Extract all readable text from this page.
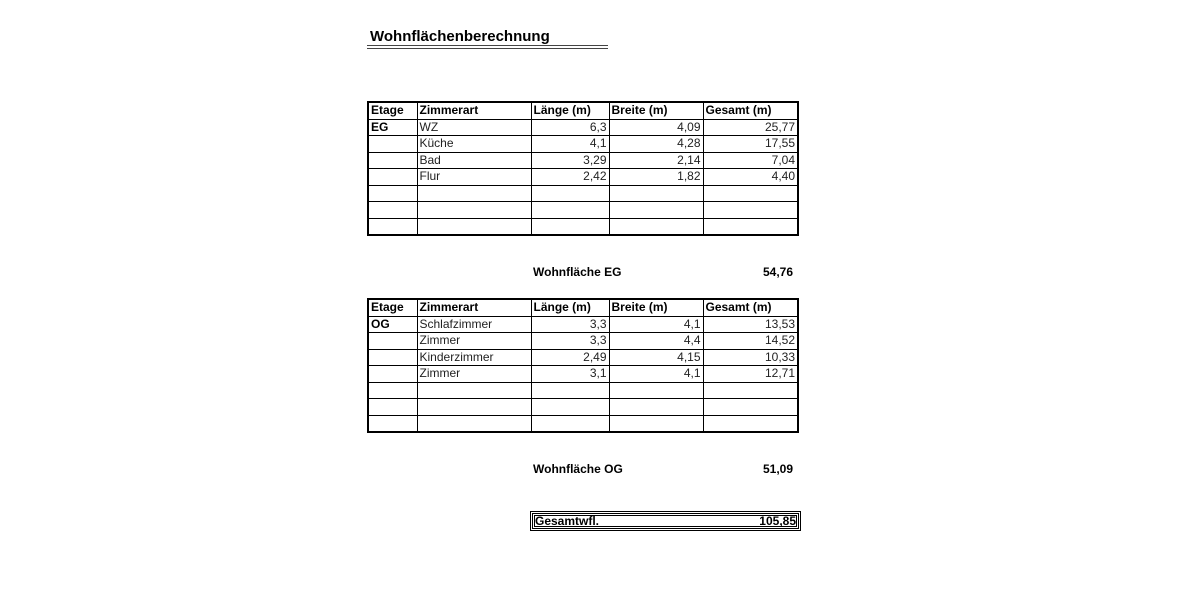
Wohnflächenberechnung
Etage	Zimmerart	Länge (m)	Breite (m)	Gesamt (m)
EG	WZ	6,3	4,09	25,77
	Küche	4,1	4,28	17,55
	Bad	3,29	2,14	7,04
	Flur	2,42	1,82	4,40

Wohnfläche EG	54,76
Etage	Zimmerart	Länge (m)	Breite (m)	Gesamt (m)
OG	Schlafzimmer	3,3	4,1	13,53
	Zimmer	3,3	4,4	14,52
	Kinderzimmer	2,49	4,15	10,33
	Zimmer	3,1	4,1	12,71

Wohnfläche OG	51,09
Gesamtwfl.	105,85
